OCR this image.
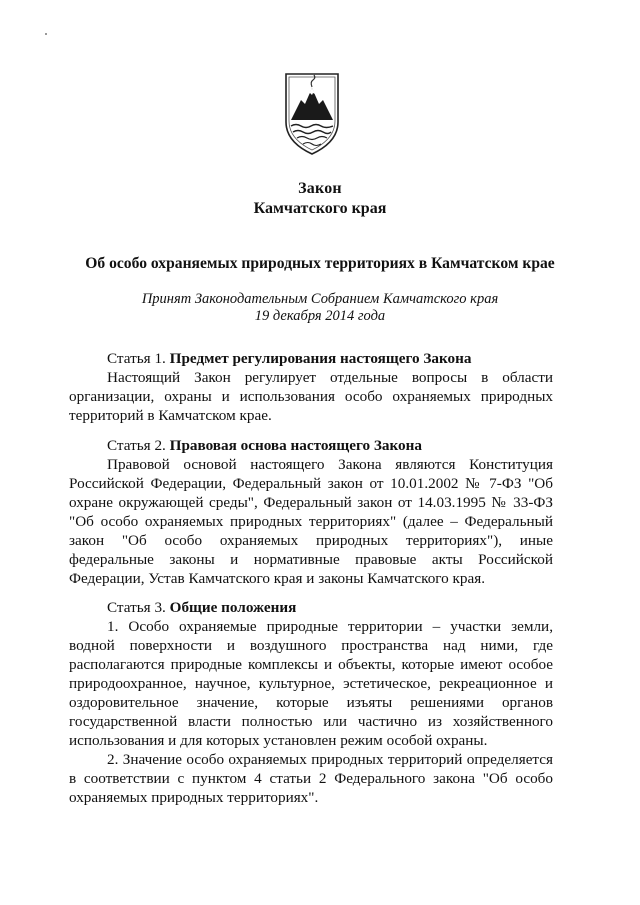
Закон
Камчатского края
Об особо охраняемых природных территориях в Камчатском крае
Принят Законодательным Собранием Камчатского края
19 декабря 2014 года

Статья 1. Предмет регулирования настоящего Закона

Настоящий Закон регулирует отдельные вопросы в области организации, охраны и использования особо охраняемых природных территорий в Камчатском крае.

Статья 2. Правовая основа настоящего Закона

Правовой основой настоящего Закона являются Конституция Российской Федерации, Федеральный закон от 10.01.2002 № 7-ФЗ "Об охране окружающей среды", Федеральный закон от 14.03.1995 № 33-ФЗ "Об особо охраняемых природных территориях" (далее – Федеральный закон "Об особо охраняемых природных территориях"), иные федеральные законы и нормативные правовые акты Российской Федерации, Устав Камчатского края и законы Камчатского края.

Статья 3. Общие положения

1. Особо охраняемые природные территории – участки земли, водной поверхности и воздушного пространства над ними, где располагаются природные комплексы и объекты, которые имеют особое природоохранное, научное, культурное, эстетическое, рекреационное и оздоровительное значение, которые изъяты решениями органов государственной власти полностью или частично из хозяйственного использования и для которых установлен режим особой охраны.

2. Значение особо охраняемых природных территорий определяется в соответствии с пунктом 4 статьи 2 Федерального закона "Об особо охраняемых природных территориях".
